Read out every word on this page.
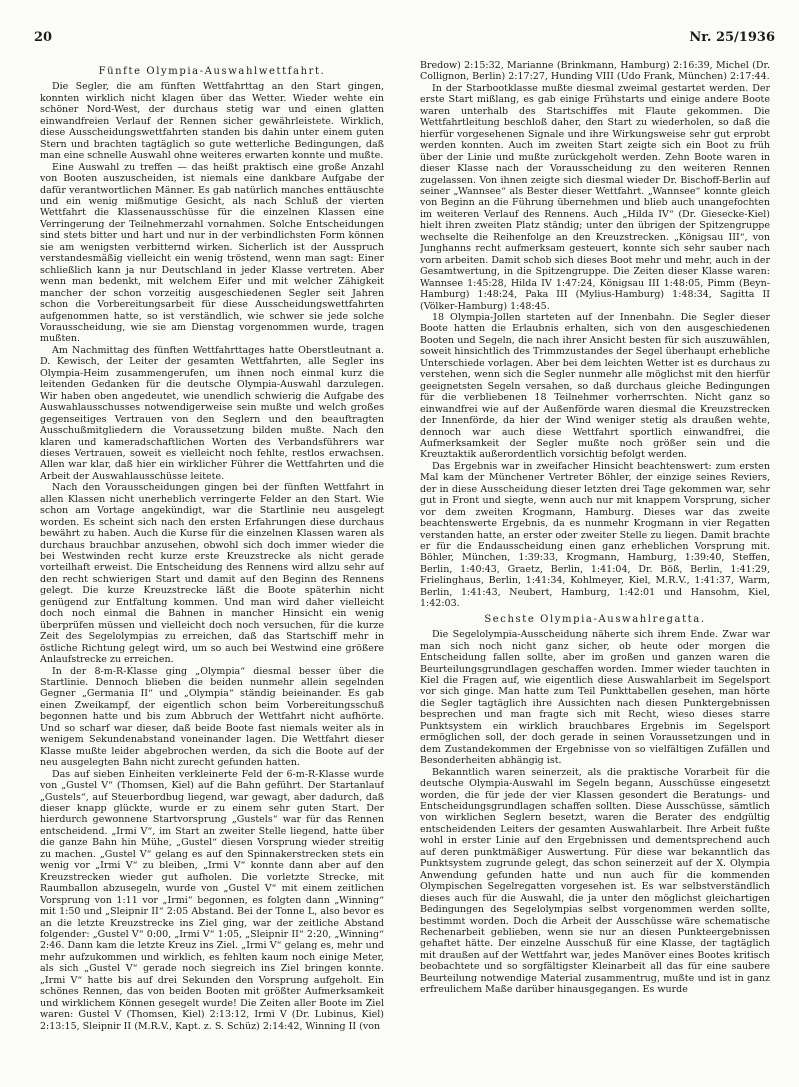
20	Nr. 25/1936
Fünfte Olympia-Auswahlwettfahrt.

Die Segler, die am fünften Wettfahrttag an den Start gingen, konnten wirklich nicht klagen über das Wetter. Wieder wehte ein schöner Nord-West, der durchaus stetig war und einen glatten einwandfreien Verlauf der Rennen sicher gewährleistete. Wirklich, diese Ausscheidungswettfahrten standen bis dahin unter einem guten Stern und brachten tagtäglich so gute wetterliche Bedingungen, daß man eine schnelle Auswahl ohne weiteres erwarten konnte und mußte.

Eine Auswahl zu treffen — das heißt praktisch eine große Anzahl von Booten auszuscheiden, ist niemals eine dankbare Aufgabe der dafür verantwortlichen Männer. Es gab natürlich manches enttäuschte und ein wenig mißmutige Gesicht, als nach Schluß der vierten Wettfahrt die Klassenausschüsse für die einzelnen Klassen eine Verringerung der Teilnehmerzahl vornahmen. Solche Entscheidungen sind stets bitter und hart und nur in der verbindlichsten Form können sie am wenigsten verbitternd wirken. Sicherlich ist der Ausspruch verstandesmäßig vielleicht ein wenig tröstend, wenn man sagt: Einer schließlich kann ja nur Deutschland in jeder Klasse vertreten. Aber wenn man bedenkt, mit welchem Eifer und mit welcher Zähigkeit mancher der schon vorzeitig ausgeschiedenen Segler seit Jahren schon die Vorbereitungsarbeit für diese Ausscheidungswettfahrten aufgenommen hatte, so ist verständlich, wie schwer sie jede solche Vorausscheidung, wie sie am Dienstag vorgenommen wurde, tragen mußten.

Am Nachmittag des fünften Wettfahrttages hatte Oberstleutnant a. D. Kewisch, der Leiter der gesamten Wettfahrten, alle Segler ins Olympia-Heim zusammengerufen, um ihnen noch einmal kurz die leitenden Gedanken für die deutsche Olympia-Auswahl darzulegen. Wir haben oben angedeutet, wie unendlich schwierig die Aufgabe des Auswahlausschusses notwendigerweise sein mußte und welch großes gegenseitiges Vertrauen von den Seglern und den beauftragten Ausschußmitgliedern die Voraussetzung bilden mußte. Nach den klaren und kameradschaftlichen Worten des Verbandsführers war dieses Vertrauen, soweit es vielleicht noch fehlte, restlos erwachsen. Allen war klar, daß hier ein wirklicher Führer die Wettfahrten und die Arbeit der Auswahlausschüsse leitete.

Nach den Vorausscheidungen gingen bei der fünften Wettfahrt in allen Klassen nicht unerheblich verringerte Felder an den Start. Wie schon am Vortage angekündigt, war die Startlinie neu ausgelegt worden. Es scheint sich nach den ersten Erfahrungen diese durchaus bewährt zu haben. Auch die Kurse für die einzelnen Klassen waren als durchaus brauchbar anzusehen, obwohl sich doch immer wieder die bei Westwinden recht kurze erste Kreuzstrecke als nicht gerade vorteilhaft erweist. Die Entscheidung des Rennens wird allzu sehr auf den recht schwierigen Start und damit auf den Beginn des Rennens gelegt. Die kurze Kreuzstrecke läßt die Boote späterhin nicht genügend zur Entfaltung kommen. Und man wird daher vielleicht doch noch einmal die Bahnen in mancher Hinsicht ein wenig überprüfen müssen und vielleicht doch noch versuchen, für die kurze Zeit des Segelolympias zu erreichen, daß das Startschiff mehr in östliche Richtung gelegt wird, um so auch bei Westwind eine größere Anlaufstrecke zu erreichen.

In der 8-m-R-Klasse ging „Olympia“ diesmal besser über die Startlinie. Dennoch blieben die beiden nunmehr allein segelnden Gegner „Germania II“ und „Olympia“ ständig beieinander. Es gab einen Zweikampf, der eigentlich schon beim Vorbereitungsschuß begonnen hatte und bis zum Abbruch der Wettfahrt nicht aufhörte. Und so scharf war dieser, daß beide Boote fast niemals weiter als in wenigem Sekundenabstand voneinander lagen. Die Wettfahrt dieser Klasse mußte leider abgebrochen werden, da sich die Boote auf der neu ausgelegten Bahn nicht zurecht gefunden hatten.

Das auf sieben Einheiten verkleinerte Feld der 6-m-R-Klasse wurde von „Gustel V“ (Thomsen, Kiel) auf die Bahn geführt. Der Startanlauf „Gustels“, auf Steuerbordbug liegend, war gewagt, aber dadurch, daß dieser knapp glückte, wurde er zu einem sehr guten Start. Der hierdurch gewonnene Startvorsprung „Gustels“ war für das Rennen entscheidend. „Irmi V“, im Start an zweiter Stelle liegend, hatte über die ganze Bahn hin Mühe, „Gustel“ diesen Vorsprung wieder streitig zu machen. „Gustel V“ gelang es auf den Spinnakerstrecken stets ein wenig vor „Irmi V“ zu bleiben, „Irmi V“ konnte dann aber auf den Kreuzstrecken wieder gut aufholen. Die vorletzte Strecke, mit Raumballon abzusegeln, wurde von „Gustel V“ mit einem zeitlichen Vorsprung von 1:11 vor „Irmi“ begonnen, es folgten dann „Winning“ mit 1:50 und „Sleipnir II“ 2:05 Abstand. Bei der Tonne L, also bevor es an die letzte Kreuzstrecke ins Ziel ging, war der zeitliche Abstand folgender: „Gustel V“ 0:00, „Irmi V“ 1:05, „Sleipnir II“ 2:20, „Winning“ 2:46. Dann kam die letzte Kreuz ins Ziel. „Irmi V“ gelang es, mehr und mehr aufzukommen und wirklich, es fehlten kaum noch einige Meter, als sich „Gustel V“ gerade noch siegreich ins Ziel bringen konnte. „Irmi V“ hatte bis auf drei Sekunden den Vorsprung aufgeholt. Ein schönes Rennen, das von beiden Booten mit größter Aufmerksamkeit und wirklichem Können gesegelt wurde! Die Zeiten aller Boote im Ziel waren: Gustel V (Thomsen, Kiel) 2:13:12, Irmi V (Dr. Lubinus, Kiel) 2:13:15, Sleipnir II (M.R.V., Kapt. z. S. Schüz) 2:14:42, Winning II (von

Bredow) 2:15:32, Marianne (Brinkmann, Hamburg) 2:16:39, Michel (Dr. Collignon, Berlin) 2:17:27, Hunding VIII (Udo Frank, München) 2:17:44.

In der Starbootklasse mußte diesmal zweimal gestartet werden. Der erste Start mißlang, es gab einige Frühstarts und einige andere Boote waren unterhalb des Startschiffes mit Flaute gekommen. Die Wettfahrtleitung beschloß daher, den Start zu wiederholen, so daß die hierfür vorgesehenen Signale und ihre Wirkungsweise sehr gut erprobt werden konnten. Auch im zweiten Start zeigte sich ein Boot zu früh über der Linie und mußte zurückgeholt werden. Zehn Boote waren in dieser Klasse nach der Vorausscheidung zu den weiteren Rennen zugelassen. Von ihnen zeigte sich diesmal wieder Dr. Bischoff-Berlin auf seiner „Wannsee“ als Bester dieser Wettfahrt. „Wannsee“ konnte gleich von Beginn an die Führung übernehmen und blieb auch unangefochten im weiteren Verlauf des Rennens. Auch „Hilda IV“ (Dr. Giesecke-Kiel) hielt ihren zweiten Platz ständig; unter den übrigen der Spitzengruppe wechselte die Reihenfolge an den Kreuzstrecken. „Königsau III“, von Junghanns recht aufmerksam gesteuert, konnte sich sehr sauber nach vorn arbeiten. Damit schob sich dieses Boot mehr und mehr, auch in der Gesamtwertung, in die Spitzengruppe. Die Zeiten dieser Klasse waren: Wannsee 1:45:28, Hilda IV 1:47:24, Königsau III 1:48:05, Pimm (Beyn-Hamburg) 1:48:24, Paka III (Mylius-Hamburg) 1:48:34, Sagitta II (Völker-Hamburg) 1:48:45.

18 Olympia-Jollen starteten auf der Innenbahn. Die Segler dieser Boote hatten die Erlaubnis erhalten, sich von den ausgeschiedenen Booten und Segeln, die nach ihrer Ansicht besten für sich auszuwählen, soweit hinsichtlich des Trimmzustandes der Segel überhaupt erhebliche Unterschiede vorlagen. Aber bei dem leichten Wetter ist es durchaus zu verstehen, wenn sich die Segler nunmehr alle möglichst mit den hierfür geeignetsten Segeln versahen, so daß durchaus gleiche Bedingungen für die verbliebenen 18 Teilnehmer vorherrschten. Nicht ganz so einwandfrei wie auf der Außenförde waren diesmal die Kreuzstrecken der Innenförde, da hier der Wind weniger stetig als draußen wehte, dennoch war auch diese Wettfahrt sportlich einwandfrei, die Aufmerksamkeit der Segler mußte noch größer sein und die Kreuztaktik außerordentlich vorsichtig befolgt werden.

Das Ergebnis war in zweifacher Hinsicht beachtenswert: zum ersten Mal kam der Münchener Vertreter Böhler, der einzige seines Reviers, der in diese Ausscheidung dieser letzten drei Tage gekommen war, sehr gut in Front und siegte, wenn auch nur mit knappem Vorsprung, sicher vor dem zweiten Krogmann, Hamburg. Dieses war das zweite beachtenswerte Ergebnis, da es nunmehr Krogmann in vier Regatten verstanden hatte, an erster oder zweiter Stelle zu liegen. Damit brachte er für die Endausscheidung einen ganz erheblichen Vorsprung mit. Böhler, München, 1:39:33, Krogmann, Hamburg, 1:39:40, Steffen, Berlin, 1:40:43, Graetz, Berlin, 1:41:04, Dr. Böß, Berlin, 1:41:29, Frielinghaus, Berlin, 1:41:34, Kohlmeyer, Kiel, M.R.V., 1:41:37, Warm, Berlin, 1:41:43, Neubert, Hamburg, 1:42:01 und Hansohm, Kiel, 1:42:03.

Sechste Olympia-Auswahlregatta.

Die Segelolympia-Ausscheidung näherte sich ihrem Ende. Zwar war man sich noch nicht ganz sicher, ob heute oder morgen die Entscheidung fallen sollte, aber im großen und ganzen waren die Beurteilungsgrundlagen geschaffen worden. Immer wieder tauchten in Kiel die Fragen auf, wie eigentlich diese Auswahlarbeit im Segelsport vor sich ginge. Man hatte zum Teil Punkttabellen gesehen, man hörte die Segler tagtäglich ihre Aussichten nach diesen Punktergebnissen besprechen und man fragte sich mit Recht, wieso dieses starre Punktsystem ein wirklich brauchbares Ergebnis im Segelsport ermöglichen soll, der doch gerade in seinen Voraussetzungen und in dem Zustandekommen der Ergebnisse von so vielfältigen Zufällen und Besonderheiten abhängig ist.

Bekanntlich waren seinerzeit, als die praktische Vorarbeit für die deutsche Olympia-Auswahl im Segeln begann, Ausschüsse eingesetzt worden, die für jede der vier Klassen gesondert die Beratungs- und Entscheidungsgrundlagen schaffen sollten. Diese Ausschüsse, sämtlich von wirklichen Seglern besetzt, waren die Berater des endgültig entscheidenden Leiters der gesamten Auswahlarbeit. Ihre Arbeit fußte wohl in erster Linie auf den Ergebnissen und dementsprechend auch auf deren punktmäßiger Auswertung. Für diese war bekanntlich das Punktsystem zugrunde gelegt, das schon seinerzeit auf der X. Olympia Anwendung gefunden hatte und nun auch für die kommenden Olympischen Segelregatten vorgesehen ist. Es war selbstverständlich dieses auch für die Auswahl, die ja unter den möglichst gleichartigen Bedingungen des Segelolympias selbst vorgenommen werden sollte, bestimmt worden. Doch die Arbeit der Ausschüsse wäre schematische Rechenarbeit geblieben, wenn sie nur an diesen Punkteergebnissen gehaftet hätte. Der einzelne Ausschuß für eine Klasse, der tagtäglich mit draußen auf der Wettfahrt war, jedes Manöver eines Bootes kritisch beobachtete und so sorgfältigster Kleinarbeit all das für eine saubere Beurteilung notwendige Material zusammentrug, mußte und ist in ganz erfreulichem Maße darüber hinausgegangen. Es wurde
